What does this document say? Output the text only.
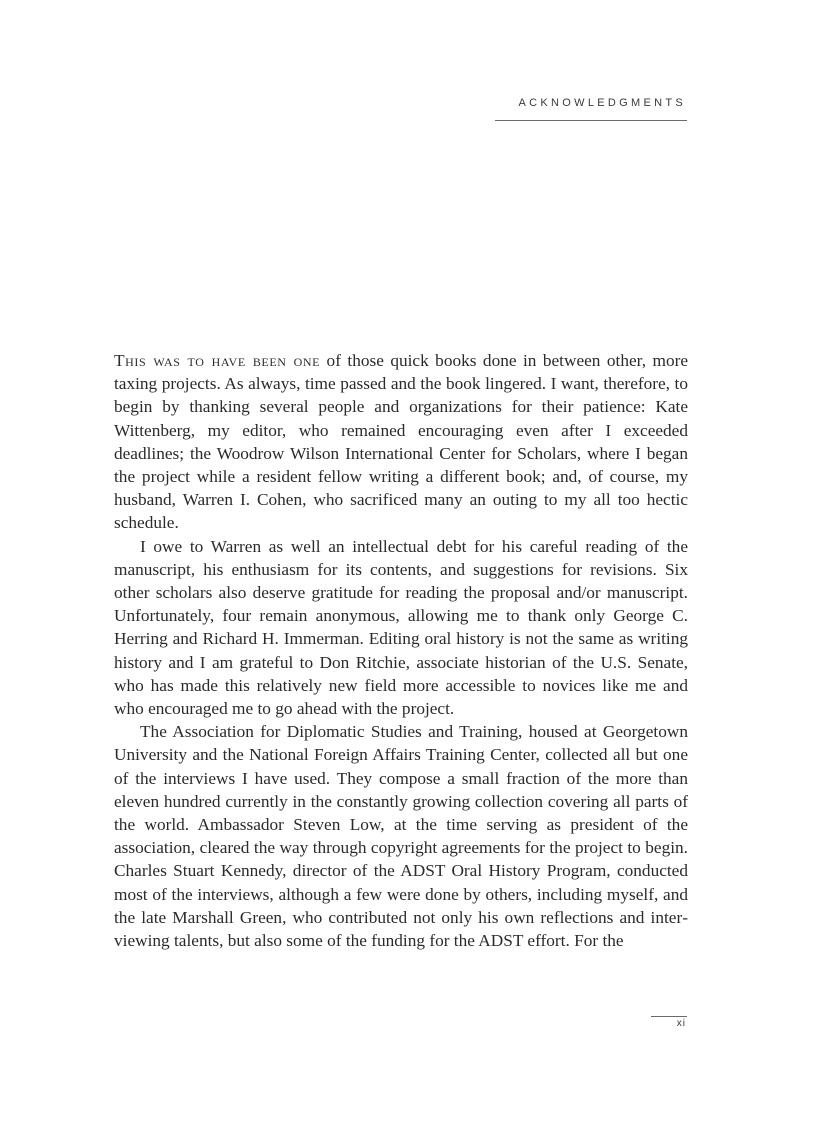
ACKNOWLEDGMENTS

This was to have been one of those quick books done in between other, more taxing projects. As always, time passed and the book lingered. I want, therefore, to begin by thanking several people and organizations for their patience: Kate Wittenberg, my editor, who remained encouraging even after I exceeded deadlines; the Woodrow Wilson International Center for Scholars, where I began the project while a resident fellow writing a different book; and, of course, my husband, Warren I. Cohen, who sacrificed many an outing to my all too hectic schedule.

I owe to Warren as well an intellectual debt for his careful reading of the manuscript, his enthusiasm for its contents, and suggestions for revisions. Six other scholars also deserve gratitude for reading the proposal and/or manuscript. Unfortunately, four remain anonymous, allowing me to thank only George C. Herring and Richard H. Immerman. Editing oral history is not the same as writing history and I am grateful to Don Ritchie, associate historian of the U.S. Senate, who has made this relatively new field more accessible to novices like me and who encouraged me to go ahead with the project.

The Association for Diplomatic Studies and Training, housed at Georgetown University and the National Foreign Affairs Training Center, collected all but one of the interviews I have used. They compose a small fraction of the more than eleven hundred currently in the constantly growing collection covering all parts of the world. Ambassador Steven Low, at the time serving as president of the association, cleared the way through copyright agreements for the project to begin. Charles Stuart Kennedy, director of the ADST Oral History Program, conducted most of the interviews, although a few were done by others, including myself, and the late Marshall Green, who contributed not only his own reflections and interviewing talents, but also some of the funding for the ADST effort. For the

xi
